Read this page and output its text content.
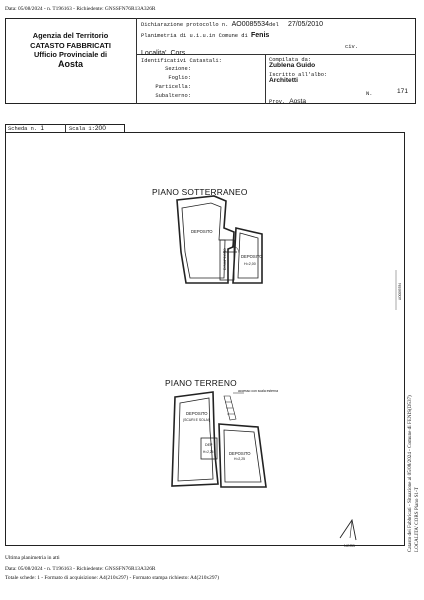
Data: 05/08/2024 - n. T196163 - Richiedente: GNSSFN76R13A326R
Agenzia del Territorio
CATASTO FABBRICATI
Ufficio Provinciale di
Aosta
Dichiarazione protocollo n. AO0085534del 27/05/2010
Planimetria di u.i.u.in Comune di Fenis
Localita' Cors
civ.
Identificativi Catastali:
Sezione:
Foglio:
Particella:
Subalterno:
Compilata da:
Zublena Guido
Iscritto all'albo:
Architetti
Prov. Aosta
N.	171
Scheda n. 1	Scala 1:200
PIANO SOTTERRANEO
PIANO TERRENO
DEPOSITO
DEPOSITO
H=2,00
DISIMPEGNO
DEPOSITO
(SCURI E SOLAI)
DEPOSITO
H=2,25
DEP
H=2,25
accesso con scala esterna
NORD
AO0085534
Catasto dei Fabbricati - Situazione al 05/08/2024 - Comune di FENIS(D537) LOCALITA' CORS Piano S1-T
Ultima planimetria in atti
Data: 05/08/2024 - n. T196163 - Richiedente: GNSSFN76R13A326R
Totale schede: 1 - Formato di acquisizione: A4(210x297) - Formato stampa richiesto: A4(210x297)
